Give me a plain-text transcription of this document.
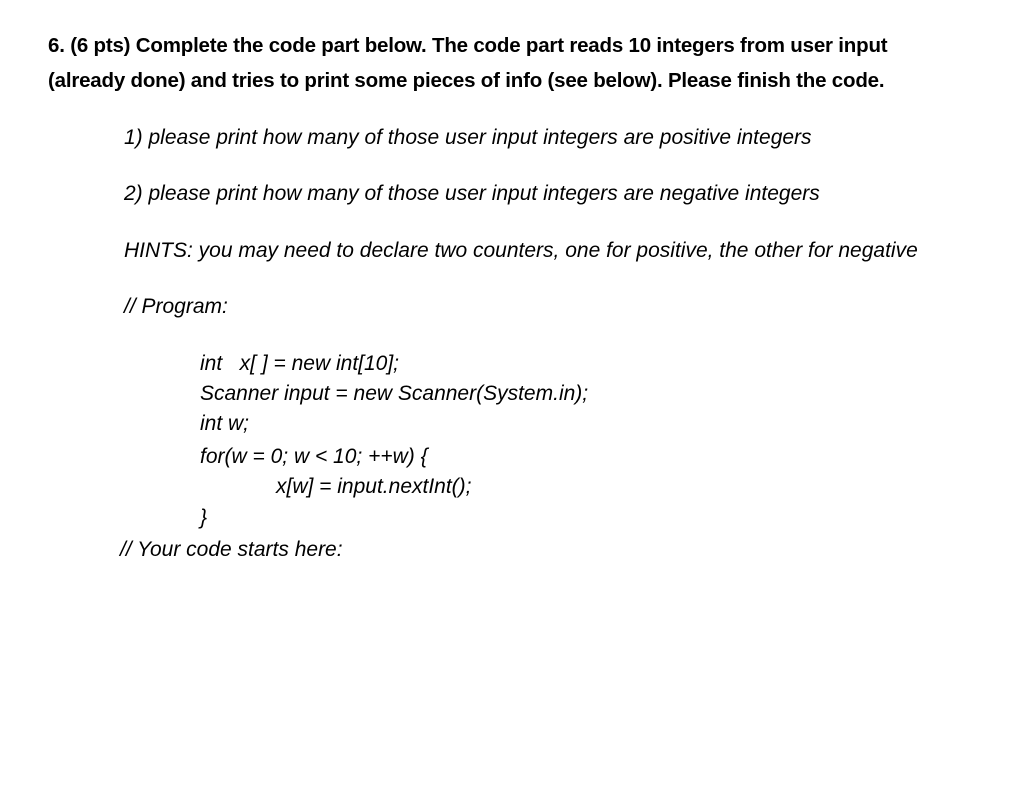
6. (6 pts) Complete the code part below. The code part reads 10 integers from user input
(already done) and tries to print some pieces of info (see below). Please finish the code.
1) please print how many of those user input integers are positive integers
2) please print how many of those user input integers are negative integers
HINTS: you may need to declare two counters, one for positive, the other for negative
// Program:
int   x[ ] = new int[10];
Scanner input = new Scanner(System.in);
int w;
for(w = 0; w < 10; ++w) {
x[w] = input.nextInt();
}
// Your code starts here:
